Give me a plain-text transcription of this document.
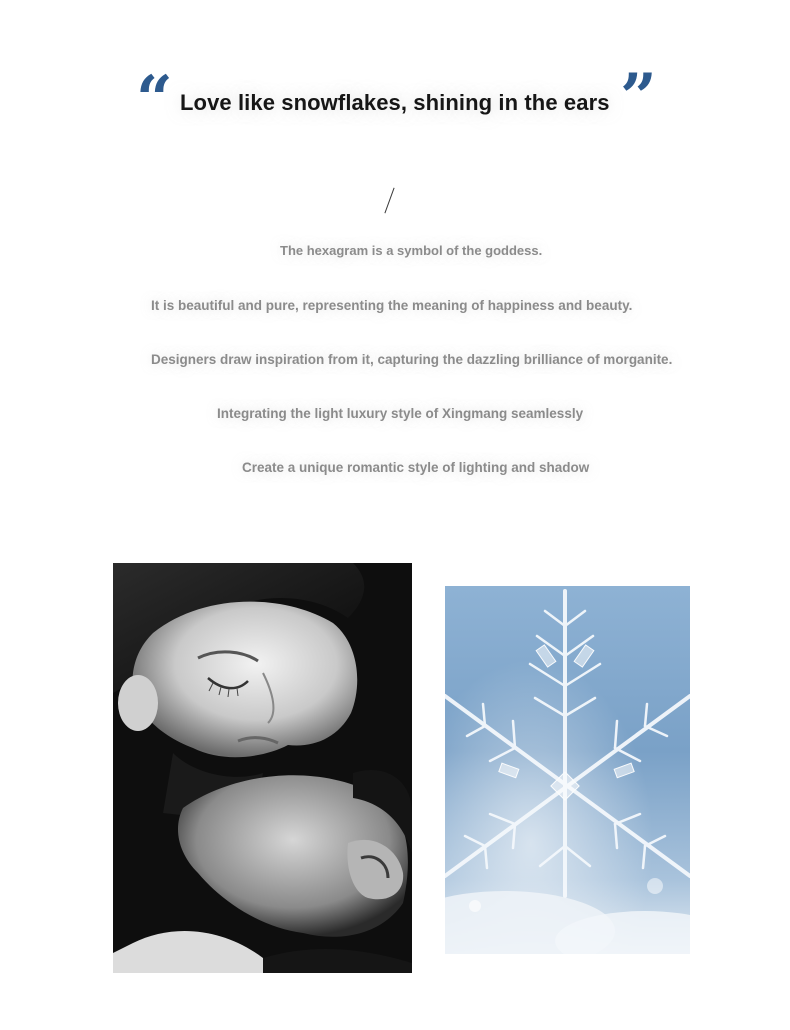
“ Love like snowflakes, shining in the ears ”
The hexagram is a symbol of the goddess.
It is beautiful and pure, representing the meaning of happiness and beauty.
Designers draw inspiration from it, capturing the dazzling brilliance of morganite.
Integrating the light luxury style of Xingmang seamlessly
Create a unique romantic style of lighting and shadow
